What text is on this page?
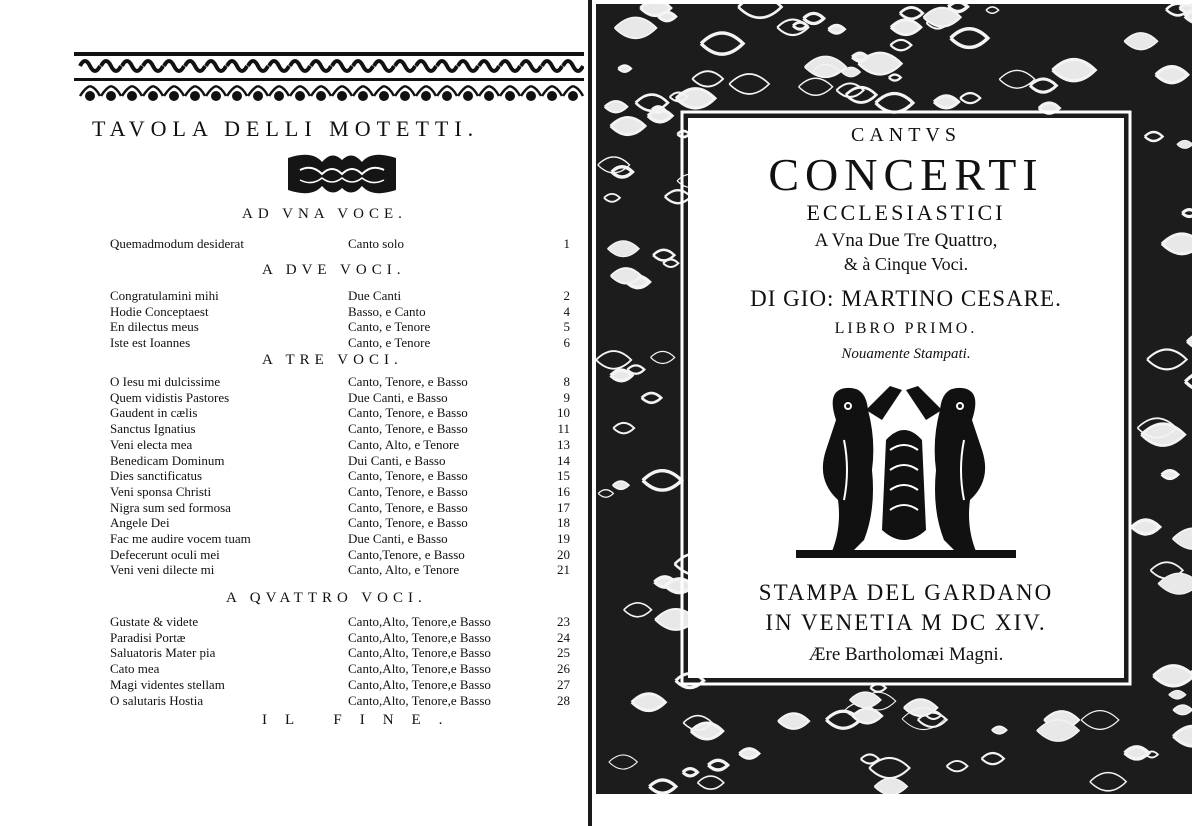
TAVOLA DELLI MOTETTI.
AD VNA VOCE.
Quemadmodum desiderat	Canto solo	1
A DVE VOCI.
Congratulamini mihi	Due Canti	2
Hodie Conceptaest	Basso, e Canto	4
En dilectus meus	Canto, e Tenore	5
Iste est Ioannes	Canto, e Tenore	6
A TRE VOCI.
O Iesu mi dulcissime	Canto, Tenore, e Basso	8
Quem vidistis Pastores	Due Canti, e Basso	9
Gaudent in cælis	Canto, Tenore, e Basso	10
Sanctus Ignatius	Canto, Tenore, e Basso	11
Veni electa mea	Canto, Alto, e Tenore	13
Benedicam Dominum	Dui Canti, e Basso	14
Dies sanctificatus	Canto, Tenore, e Basso	15
Veni sponsa Christi	Canto, Tenore, e Basso	16
Nigra sum sed formosa	Canto, Tenore, e Basso	17
Angele Dei	Canto, Tenore, e Basso	18
Fac me audire vocem tuam	Due Canti, e Basso	19
Defecerunt oculi mei	Canto,Tenore, e Basso	20
Veni veni dilecte mi	Canto, Alto, e Tenore	21
A QVATTRO VOCI.
Gustate & videte	Canto,Alto, Tenore,e Basso	23
Paradisi Portæ	Canto,Alto, Tenore,e Basso	24
Saluatoris Mater pia	Canto,Alto, Tenore,e Basso	25
Cato mea	Canto,Alto, Tenore,e Basso	26
Magi videntes stellam	Canto,Alto, Tenore,e Basso	27
O salutaris Hostia	Canto,Alto, Tenore,e Basso	28
IL FINE.
CANTVS
CONCERTI
ECCLESIASTICI
A Vna Due Tre Quattro,
& à Cinque Voci.
DI GIO: MARTINO CESARE.
LIBRO PRIMO.
Nouamente Stampati.
STAMPA DEL GARDANO
IN VENETIA M DC XIV.
Ære Bartholomæi Magni.
